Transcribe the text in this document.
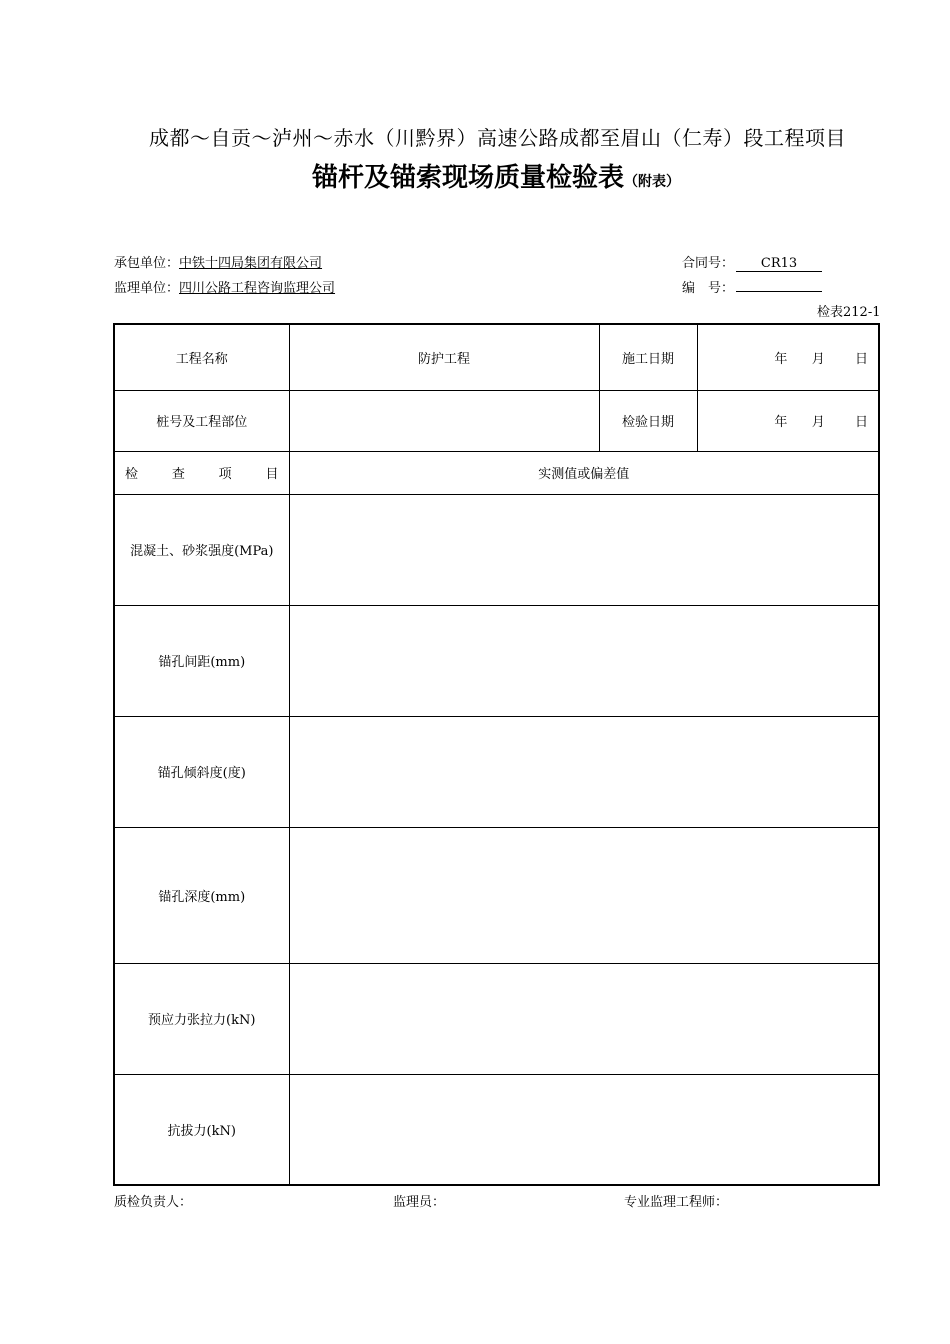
成都～自贡～泸州～赤水（川黔界）高速公路成都至眉山（仁寿）段工程项目
锚杆及锚索现场质量检验表（附表）
承包单位：中铁十四局集团有限公司
监理单位：四川公路工程咨询监理公司
合同号： CR13
编　号：
检表212-1
工程名称	防护工程	施工日期	年 月 日
桩号及工程部位		检验日期	年 月 日

检 查 项 目	实测值或偏差值		
混凝土、砂浆强度(MPa)			
锚孔间距(mm)			
锚孔倾斜度(度)			
锚孔深度(mm)			
预应力张拉力(kN)			
抗拔力(kN)			
质检负责人：	监理员：	专业监理工程师：
